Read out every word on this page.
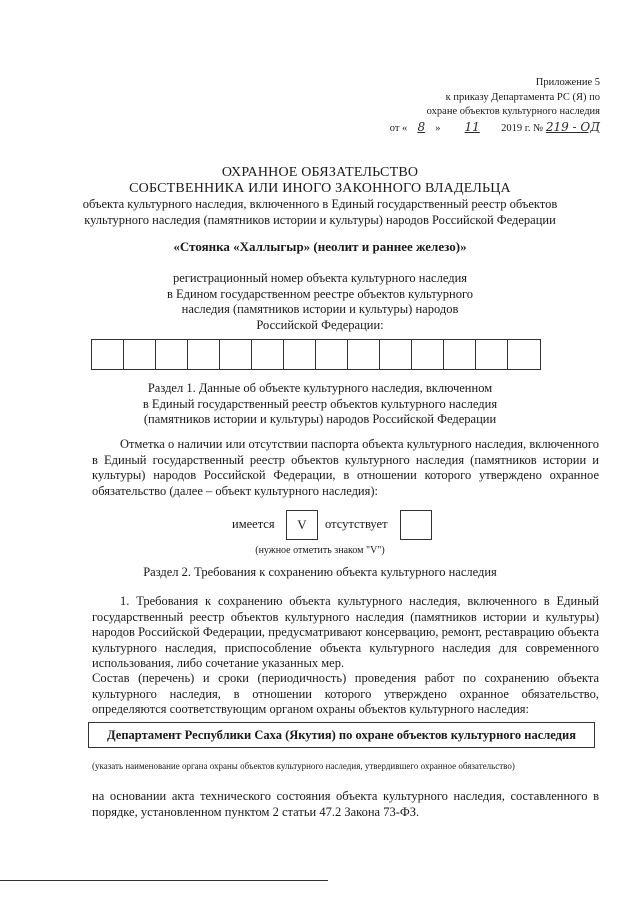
Приложение 5
к приказу Департамента РС (Я) по
охране объектов культурного наследия
от « 8 » 11 2019 г. № 219 - ОД
ОХРАННОЕ ОБЯЗАТЕЛЬСТВО
СОБСТВЕННИКА ИЛИ ИНОГО ЗАКОННОГО ВЛАДЕЛЬЦА
объекта культурного наследия, включенного в Единый государственный реестр объектов
культурного наследия (памятников истории и культуры) народов Российской Федерации
«Стоянка «Халлыгыр» (неолит и раннее железо)»
регистрационный номер объекта культурного наследия
в Едином государственном реестре объектов культурного
наследия (памятников истории и культуры) народов
Российской Федерации:
Раздел 1. Данные об объекте культурного наследия, включенном
в Единый государственный реестр объектов культурного наследия
(памятников истории и культуры) народов Российской Федерации
Отметка о наличии или отсутствии паспорта объекта культурного наследия, включенного в Единый государственный реестр объектов культурного наследия (памятников истории и культуры) народов Российской Федерации, в отношении которого утверждено охранное обязательство (далее – объект культурного наследия):
имеется	V	отсутствует
(нужное отметить знаком "V")
Раздел 2. Требования к сохранению объекта культурного наследия
1. Требования к сохранению объекта культурного наследия, включенного в Единый государственный реестр объектов культурного наследия (памятников истории и культуры) народов Российской Федерации, предусматривают консервацию, ремонт, реставрацию объекта культурного наследия, приспособление объекта культурного наследия для современного использования, либо сочетание указанных мер.
Состав (перечень) и сроки (периодичность) проведения работ по сохранению объекта культурного наследия, в отношении которого утверждено охранное обязательство, определяются соответствующим органом охраны объектов культурного наследия:
Департамент Республики Саха (Якутия) по охране объектов культурного наследия
(указать наименование органа охраны объектов культурного наследия, утвердившего охранное обязательство)
на основании акта технического состояния объекта культурного наследия, составленного в порядке, установленном пунктом 2 статьи 47.2 Закона 73-ФЗ.
